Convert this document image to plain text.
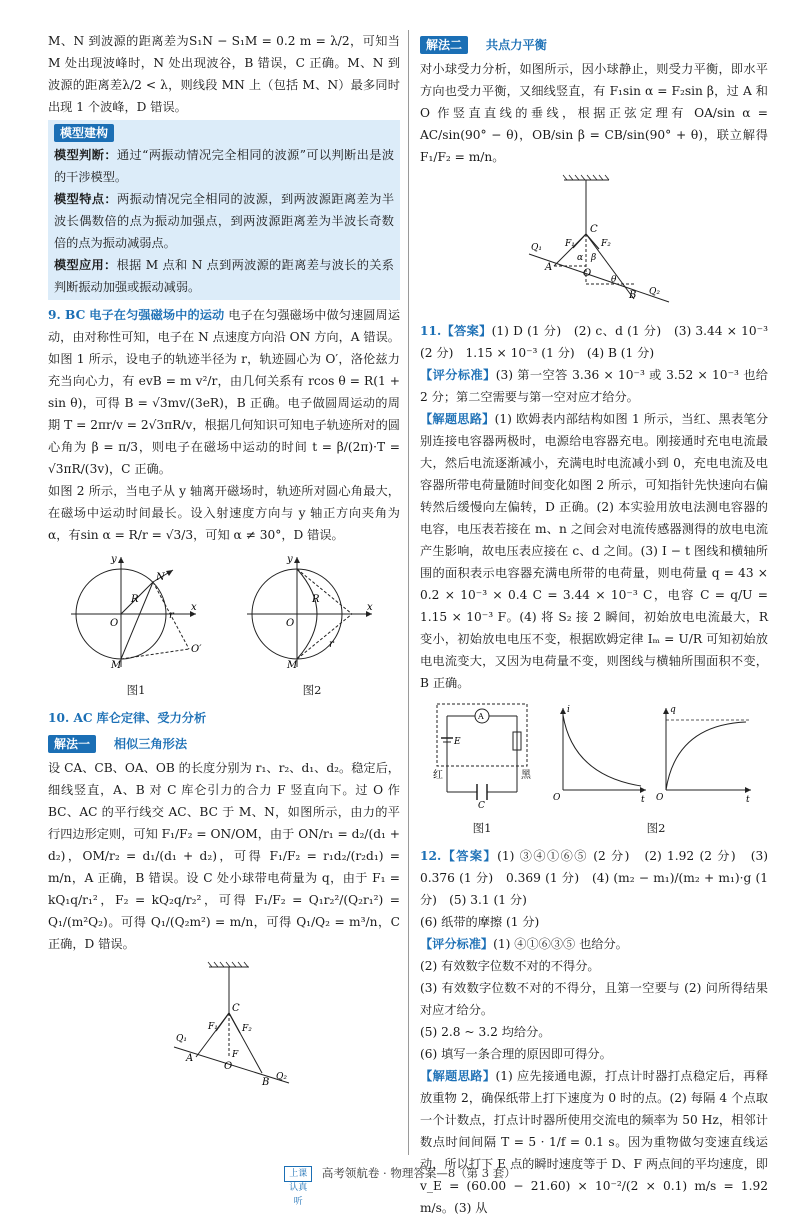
M、N 到波源的距离差为S₁N − S₁M = 0.2 m = λ/2，可知当 M 处出现波峰时，N 处出现波谷，B 错误，C 正确。M、N 到波源的距离差λ/2 < λ，则线段 MN 上（包括 M、N）最多同时出现 1 个波峰，D 错误。

模型建构

模型判断：通过“两振动情况完全相同的波源”可以判断出是波的干涉模型。

模型特点：两振动情况完全相同的波源，到两波源距离差为半波长偶数倍的点为振动加强点，到两波源距离差为半波长奇数倍的点为振动减弱点。

模型应用：根据 M 点和 N 点到两波源的距离差与波长的关系判断振动加强或振动减弱。

9. BC 电子在匀强磁场中的运动 电子在匀强磁场中做匀速圆周运动，由对称性可知，电子在 N 点速度方向沿 ON 方向，A 错误。如图 1 所示，设电子的轨迹半径为 r，轨迹圆心为 O′，洛伦兹力充当向心力，有 evB = m v²/r，由几何关系有 rcos θ = R(1 + sin θ)，可得 B = √3mv/(3eR)，B 正确。电子做圆周运动的周期 T = 2πr/v = 2√3πR/v，根据几何知识可知电子轨迹所对的圆心角为 β = π/3，则电子在磁场中运动的时间 t = β/(2π)·T = √3πR/(3v)，C 正确。

如图 2 所示，当电子从 y 轴离开磁场时，轨迹所对圆心角最大，在磁场中运动时间最长。设入射速度方向与 y 轴正方向夹角为 α，有sin α = R/r = √3/3，可知 α ≠ 30°，D 错误。

y
x
N
O
M
O′
R
r
图1
y
x
O
M
R
r
图2

10. AC 库仑定律、受力分析

解法一 相似三角形法

设 CA、CB、OA、OB 的长度分别为 r₁、r₂、d₁、d₂。稳定后，细线竖直，A、B 对 C 库仑引力的合力 F 竖直向下。过 O 作 BC、AC 的平行线交 AC、BC 于 M、N，如图所示，由力的平行四边形定则，可知 F₁/F₂ = ON/OM，由于 ON/r₁ = d₂/(d₁ + d₂)，OM/r₂ = d₁/(d₁ + d₂)，可得 F₁/F₂ = r₁d₂/(r₂d₁) = m/n，A 正确，B 错误。设 C 处小球带电荷量为 q，由于 F₁ = kQ₁q/r₁²，F₂ = kQ₂q/r₂²，可得 F₁/F₂ = Q₁r₂²/(Q₂r₁²) = Q₁/(m²Q₂)。可得 Q₁/(Q₂m²) = m/n，可得 Q₁/Q₂ = m³/n，C 正确，D 错误。

C
A
B
O
F₁	F₂
F
Q₁
Q₂
解法二 共点力平衡

对小球受力分析，如图所示，因小球静止，则受力平衡，即水平方向也受力平衡，又细线竖直，有 F₁sin α = F₂sin β，过 A 和 O 作竖直直线的垂线，根据正弦定理有 OA/sin α = AC/sin(90° − θ)，OB/sin β = CB/sin(90° + θ)，联立解得 F₁/F₂ = m/n。

C
A
B
O
F₁	F₂
Q₁
Q₂
α β
θ

11.【答案】(1) D (1 分)　(2) c、d (1 分)　(3) 3.44 × 10⁻³ (2 分)　1.15 × 10⁻³ (1 分)　(4) B (1 分)

【评分标准】(3) 第一空答 3.36 × 10⁻³ 或 3.52 × 10⁻³ 也给 2 分；第二空需要与第一空对应才给分。

【解题思路】(1) 欧姆表内部结构如图 1 所示，当红、黑表笔分别连接电容器两极时，电源给电容器充电。刚接通时充电电流最大，然后电流逐渐减小，充满电时电流减小到 0，充电电流及电容器所带电荷量随时间变化如图 2 所示，可知指针先快速向右偏转然后缓慢向左偏转，D 正确。(2) 本实验用放电法测电容器的电容，电压表若接在 m、n 之间会对电流传感器测得的放电电流产生影响，故电压表应接在 c、d 之间。(3) I − t 图线和横轴所围的面积表示电容器充满电所带的电荷量，则电荷量 q = 43 × 0.2 × 10⁻³ × 0.4 C = 3.44 × 10⁻³ C，电容 C = q/U = 1.15 × 10⁻³ F。(4) 将 S₂ 接 2 瞬间，初始放电电流最大，R 变小，初始放电电压不变，根据欧姆定律 Iₘ = U/R 可知初始放电电流变大，又因为电荷量不变，则图线与横轴所围面积不变，B 正确。

A
E
C
红	黑
图1
i
O	t
q
O	t
图2

12.【答案】(1) ③④①⑥⑤ (2 分)　(2) 1.92 (2 分)　(3) 0.376 (1 分)　0.369 (1 分)　(4) (m₂ − m₁)/(m₂ + m₁)·g (1 分)　(5) 3.1 (1 分)

(6) 纸带的摩擦 (1 分)

【评分标准】(1) ④①⑥③⑤ 也给分。

(2) 有效数字位数不对的不得分。

(3) 有效数字位数不对的不得分，且第一空要与 (2) 问所得结果对应才给分。

(5) 2.8 ~ 3.2 均给分。

(6) 填写一条合理的原因即可得分。

【解题思路】(1) 应先接通电源，打点计时器打点稳定后，再释放重物 2，确保纸带上打下速度为 0 时的点。(2) 每隔 4 个点取一个计数点，打点计时器所使用交流电的频率为 50 Hz，相邻计数点时间间隔 T = 5 · 1/f = 0.1 s。因为重物做匀变速直线运动，所以打下 E 点的瞬时速度等于 D、F 两点间的平均速度，即 v_E = (60.00 − 21.60) × 10⁻²/(2 × 0.1) m/s = 1.92 m/s。(3) 从

上课认真听 高考领航卷 · 物理答案—8（第 3 套）
